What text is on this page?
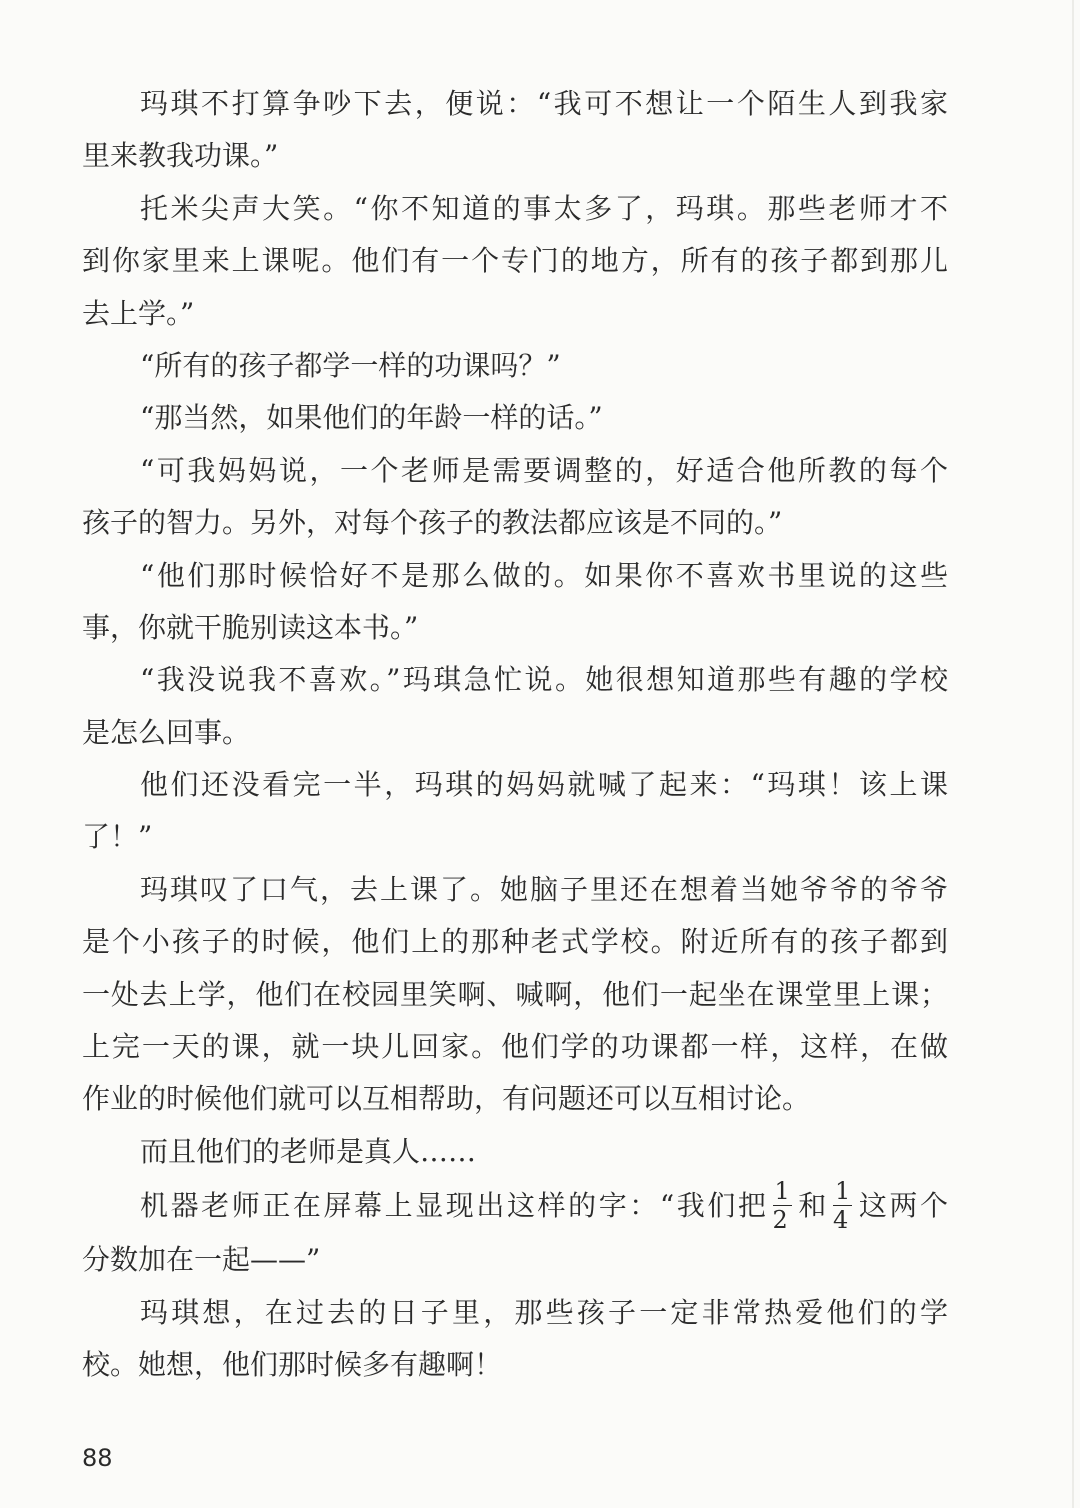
玛琪不打算争吵下去，便说：“我可不想让一个陌生人到我家
里来教我功课。”
托米尖声大笑。“你不知道的事太多了，玛琪。那些老师才不
到你家里来上课呢。他们有一个专门的地方，所有的孩子都到那儿
去上学。”
“所有的孩子都学一样的功课吗？”
“那当然，如果他们的年龄一样的话。”
“可我妈妈说，一个老师是需要调整的，好适合他所教的每个
孩子的智力。另外，对每个孩子的教法都应该是不同的。”
“他们那时候恰好不是那么做的。如果你不喜欢书里说的这些
事，你就干脆别读这本书。”
“我没说我不喜欢。”玛琪急忙说。她很想知道那些有趣的学校
是怎么回事。
他们还没看完一半，玛琪的妈妈就喊了起来：“玛琪！该上课
了！”
玛琪叹了口气，去上课了。她脑子里还在想着当她爷爷的爷爷
是个小孩子的时候，他们上的那种老式学校。附近所有的孩子都到
一处去上学，他们在校园里笑啊、喊啊，他们一起坐在课堂里上课；
上完一天的课，就一块儿回家。他们学的功课都一样，这样，在做
作业的时候他们就可以互相帮助，有问题还可以互相讨论。
而且他们的老师是真人……
机器老师正在屏幕上显现出这样的字：“我们把 $\frac{1}{2}$ 和 $\frac{1}{4}$ 这两个
分数加在一起——”
玛琪想，在过去的日子里，那些孩子一定非常热爱他们的学
校。她想，他们那时候多有趣啊！
88
